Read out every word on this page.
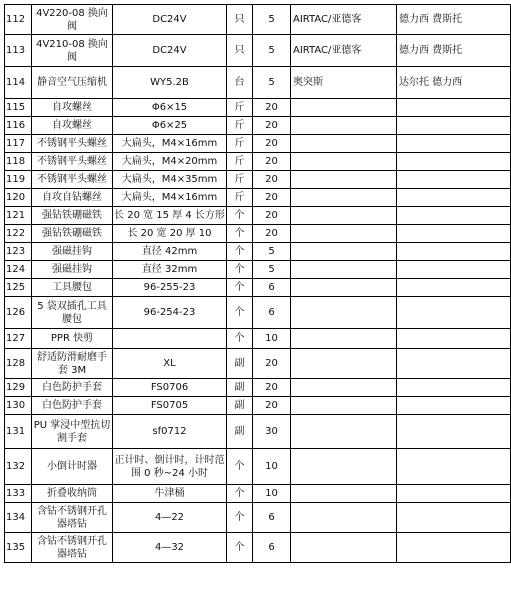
112	4V220-08 换向阀	DC24V	只	5	AIRTAC/亚德客	德力西 费斯托
113	4V210-08 换向阀	DC24V	只	5	AIRTAC/亚德客	德力西 费斯托
114	静音空气压缩机	WY5.2B	台	5	奥突斯	达尔托 德力西
115	自攻螺丝	Φ6×15	斤	20		
116	自攻螺丝	Φ6×25	斤	20		
117	不锈钢平头螺丝	大扁头，M4×16mm	斤	20		
118	不锈钢平头螺丝	大扁头，M4×20mm	斤	20		
119	不锈钢平头螺丝	大扁头，M4×35mm	斤	20		
120	自攻自钻螺丝	大扁头，M4×16mm	斤	20		
121	强钻铁硼磁铁	长 20 宽 15 厚 4 长方形	个	20		
122	强钻铁硼磁铁	长 20 宽 20 厚 10	个	20		
123	强磁挂钩	直径 42mm	个	5		
124	强磁挂钩	直径 32mm	个	5		
125	工具腰包	96-255-23	个	6		
126	5 袋双插孔工具腰包	96-254-23	个	6		
127	PPR 快剪		个	10		
128	舒适防滑耐磨手套 3M	XL	副	20		
129	白色防护手套	FS0706	副	20		
130	白色防护手套	FS0705	副	20		
131	PU 掌浸中型抗切割手套	sf0712	副	30		
132	小倒计时器	正计时、倒计时，计时范围 0 秒~24 小时	个	10		
133	折叠收纳筒	牛津桶	个	10		
134	含钴不锈钢开孔器塔钻	4—22	个	6		
135	含钴不锈钢开孔器塔钻	4—32	个	6		
